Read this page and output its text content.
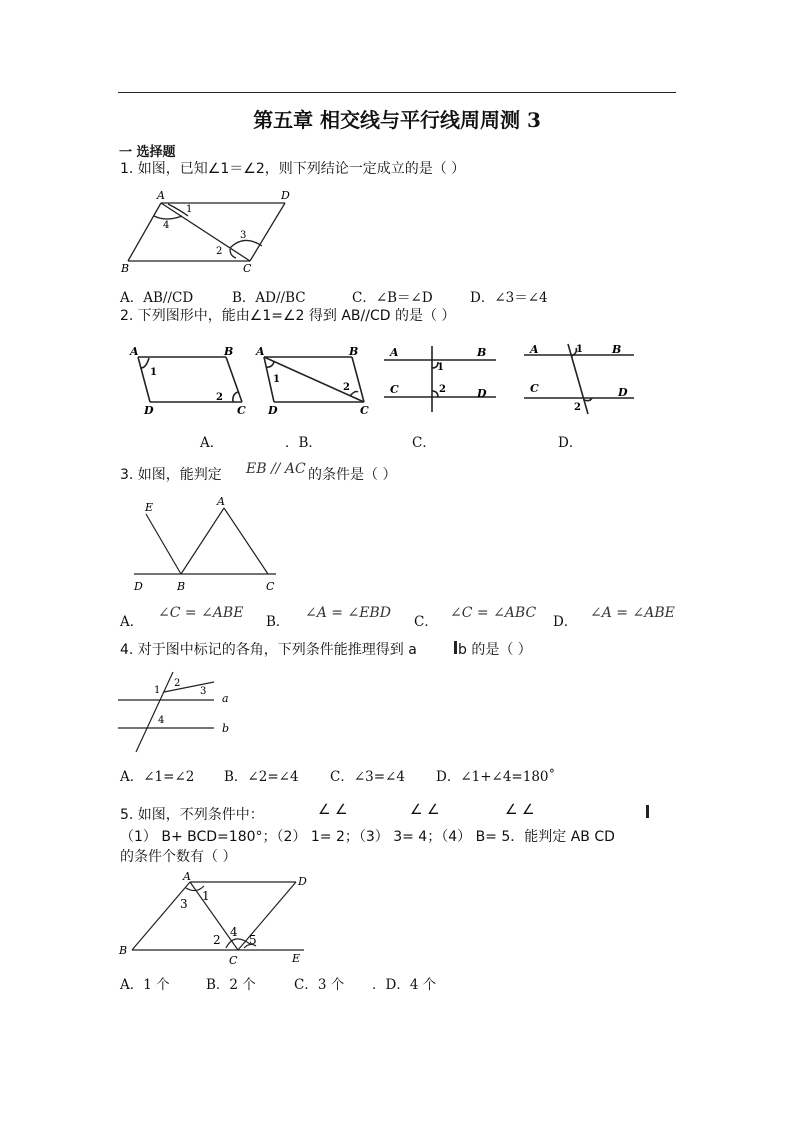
第五章 相交线与平行线周周测 3
一 选择题
1. 如图，已知∠1＝∠2，则下列结论一定成立的是（ ）
A	D
B	C
1
4
2
3
A．AB//CD	B．AD//BC	C．∠B＝∠D	D．∠3＝∠4
2. 下列图形中，能由∠1=∠2 得到 AB//CD 的是（ ）
A	B
D	C
A	B
D	C
A	B
C	D
A	B
C	D
1
2
1
2
1
2
1
2
A．	．B．	C．	D．
3. 如图，能判定 EB // AC 的条件是（ ）
E	A
D	B	C
A．
∠C = ∠ABE
B．
∠A = ∠EBD
C．
∠C = ∠ABC
D．
∠A = ∠ABE
4. 对于图中标记的各角，下列条件能推理得到 a	b 的是（ ）
1
2
3
4
a
b
A．∠1=∠2 B．∠2=∠4 C．∠3=∠4 D．∠1+∠4=180˚
5. 如图，不列条件中：	∠ ∠	∠ ∠	∠ ∠
（1） B+ BCD=180°；（2） 1= 2；（3） 3= 4；（4） B= 5．能判定 AB CD
的条件个数有（ ）
A	D
B
C	E
1
3
2
4
5
A．1 个	B．2 个	C．3 个 ．D．4 个
